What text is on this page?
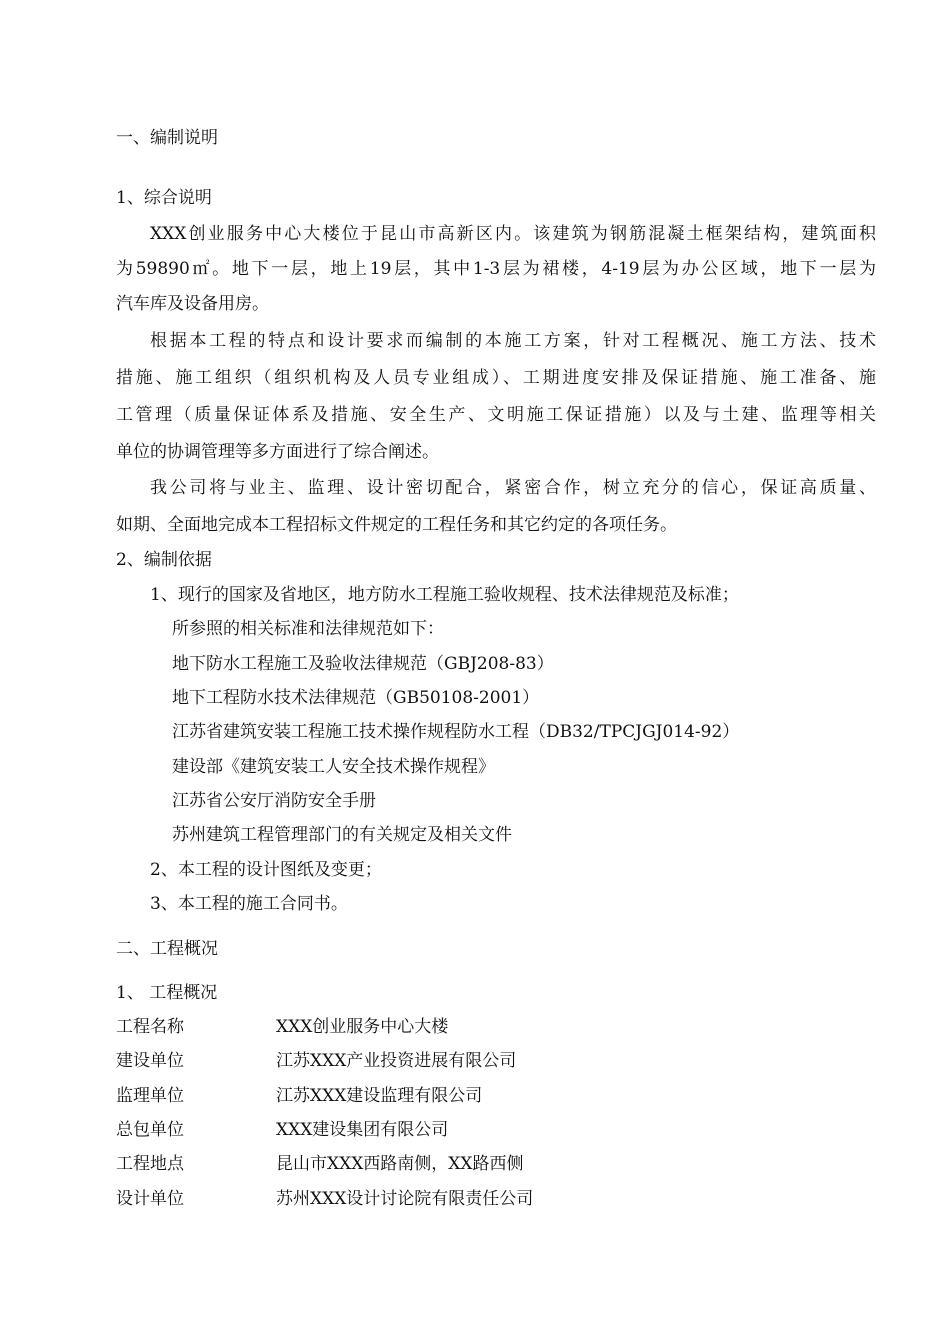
一、编制说明
1、综合说明
XXX创业服务中心大楼位于昆山市高新区内。该建筑为钢筋混凝土框架结构，建筑面积
为59890㎡。地下一层，地上19层，其中1-3层为裙楼，4-19层为办公区域，地下一层为
汽车库及设备用房。
根据本工程的特点和设计要求而编制的本施工方案，针对工程概况、施工方法、技术
措施、施工组织（组织机构及人员专业组成）、工期进度安排及保证措施、施工准备、施
工管理（质量保证体系及措施、安全生产、文明施工保证措施）以及与土建、监理等相关
单位的协调管理等多方面进行了综合阐述。
我公司将与业主、监理、设计密切配合，紧密合作，树立充分的信心，保证高质量、
如期、全面地完成本工程招标文件规定的工程任务和其它约定的各项任务。
2、编制依据
1、现行的国家及省地区，地方防水工程施工验收规程、技术法律规范及标准；
所参照的相关标准和法律规范如下：
地下防水工程施工及验收法律规范（GBJ208-83）
地下工程防水技术法律规范（GB50108-2001）
江苏省建筑安装工程施工技术操作规程防水工程（DB32/TPCJGJ014-92）
建设部《建筑安装工人安全技术操作规程》
江苏省公安厅消防安全手册
苏州建筑工程管理部门的有关规定及相关文件
2、本工程的设计图纸及变更；
3、本工程的施工合同书。
二、工程概况
1、 工程概况
工程名称	XXX创业服务中心大楼
建设单位	江苏XXX产业投资进展有限公司
监理单位	江苏XXX建设监理有限公司
总包单位	XXX建设集团有限公司
工程地点	昆山市XXX西路南侧，XX路西侧
设计单位	苏州XXX设计讨论院有限责任公司
